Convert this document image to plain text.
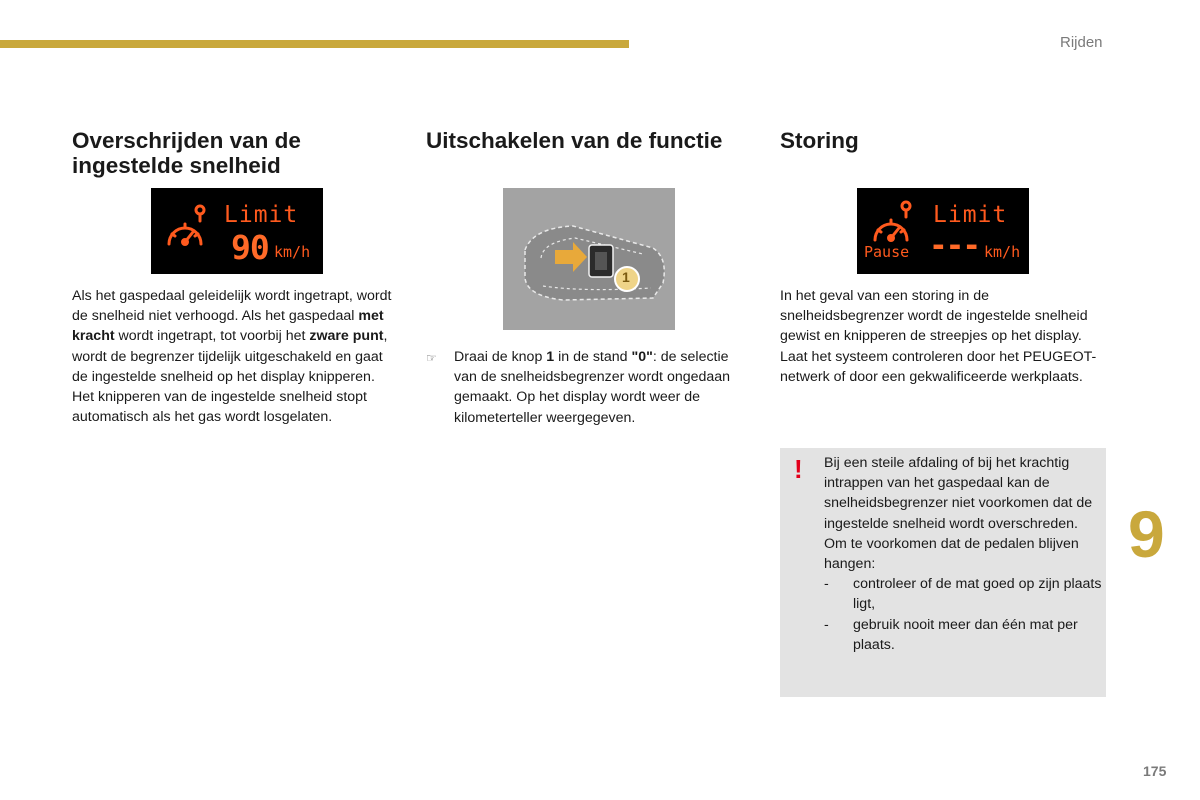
Rijden
Overschrijden van de ingestelde snelheid
Limit
90 km/h
Als het gaspedaal geleidelijk wordt ingetrapt, wordt de snelheid niet verhoogd. Als het gaspedaal met kracht wordt ingetrapt, tot voorbij het zware punt, wordt de begrenzer tijdelijk uitgeschakeld en gaat de ingestelde snelheid op het display knipperen.
Het knipperen van de ingestelde snelheid stopt automatisch als het gas wordt losgelaten.
Uitschakelen van de functie
1
☞ Draai de knop 1 in de stand "0": de selectie van de snelheidsbegrenzer wordt ongedaan gemaakt. Op het display wordt weer de kilometerteller weergegeven.
Storing
Limit
Pause --- km/h
In het geval van een storing in de snelheidsbegrenzer wordt de ingestelde snelheid gewist en knipperen de streepjes op het display.
Laat het systeem controleren door het PEUGEOT-netwerk of door een gekwalificeerde werkplaats.
! Bij een steile afdaling of bij het krachtig intrappen van het gaspedaal kan de snelheidsbegrenzer niet voorkomen dat de ingestelde snelheid wordt overschreden.
Om te voorkomen dat de pedalen blijven hangen:
- controleer of de mat goed op zijn plaats ligt,
- gebruik nooit meer dan één mat per plaats.
9
175
